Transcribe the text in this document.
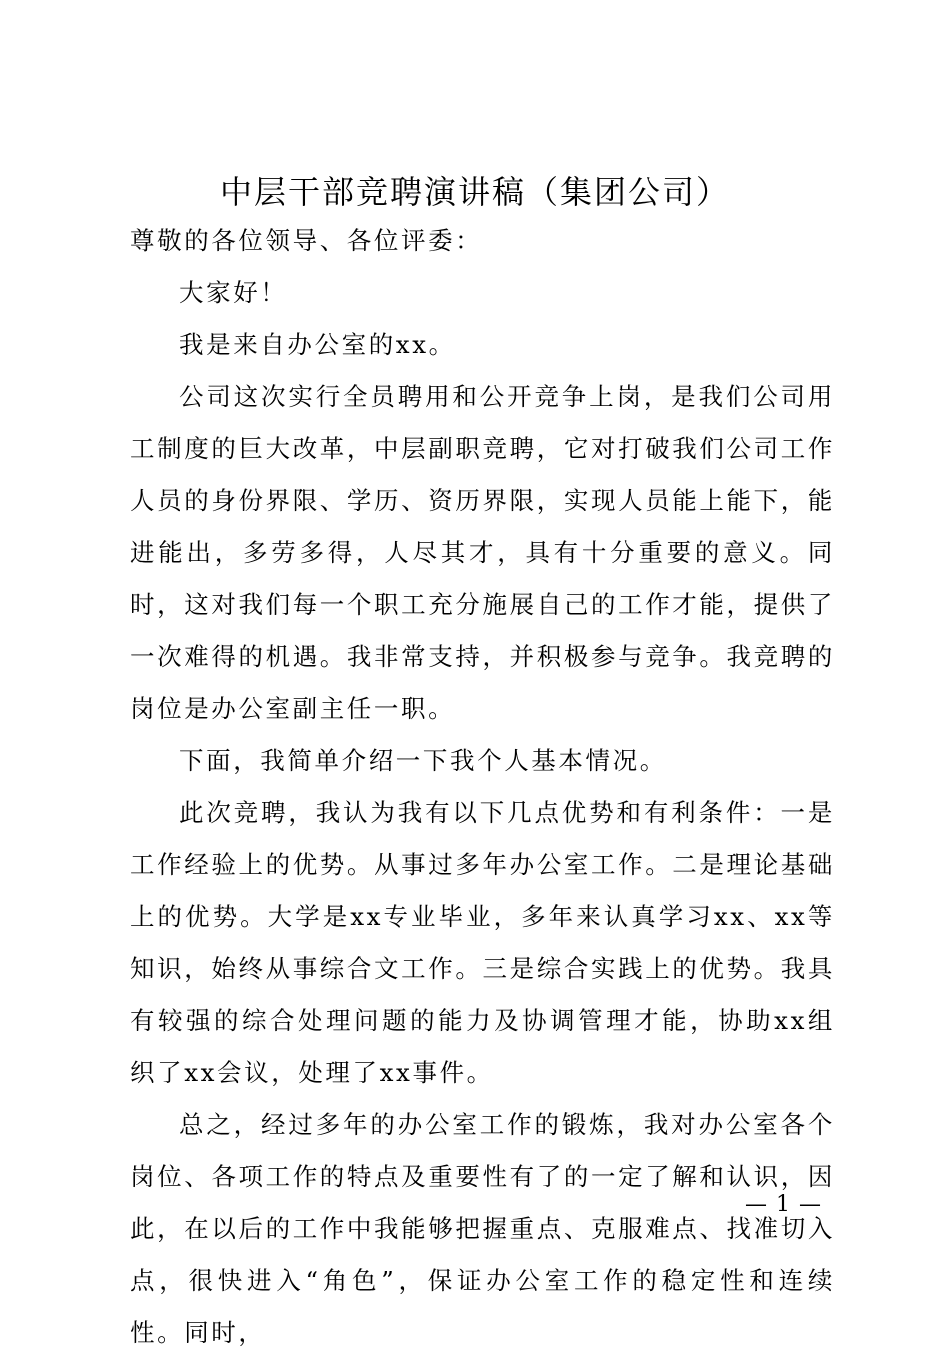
中层干部竞聘演讲稿（集团公司）

尊敬的各位领导、各位评委：

大家好！

我是来自办公室的xx。

公司这次实行全员聘用和公开竞争上岗，是我们公司用工制度的巨大改革，中层副职竞聘，它对打破我们公司工作人员的身份界限、学历、资历界限，实现人员能上能下，能进能出，多劳多得，人尽其才，具有十分重要的意义。同时，这对我们每一个职工充分施展自己的工作才能，提供了一次难得的机遇。我非常支持，并积极参与竞争。我竞聘的岗位是办公室副主任一职。

下面，我简单介绍一下我个人基本情况。

此次竞聘，我认为我有以下几点优势和有利条件：一是工作经验上的优势。从事过多年办公室工作。二是理论基础上的优势。大学是xx专业毕业，多年来认真学习xx、xx等知识，始终从事综合文工作。三是综合实践上的优势。我具有较强的综合处理问题的能力及协调管理才能，协助xx组织了xx会议，处理了xx事件。

总之，经过多年的办公室工作的锻炼，我对办公室各个岗位、各项工作的特点及重要性有了的一定了解和认识，因此，在以后的工作中我能够把握重点、克服难点、找准切入点，很快进入“角色”，保证办公室工作的稳定性和连续性。同时，

— 1 —
